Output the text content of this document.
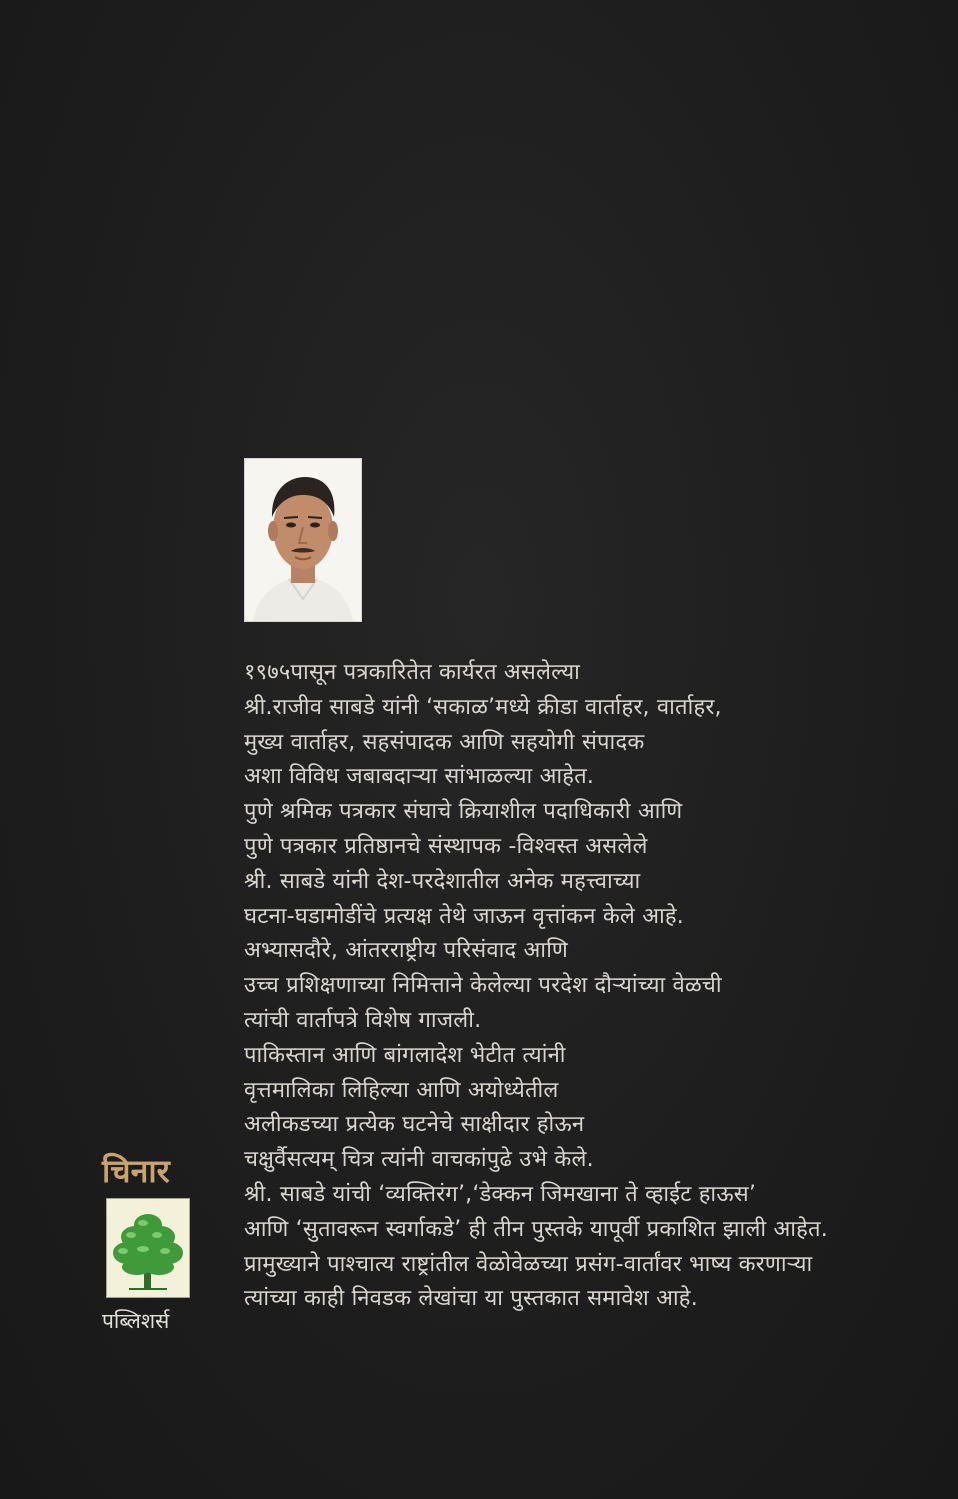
१९७५पासून पत्रकारितेत कार्यरत असलेल्या
श्री.राजीव साबडे यांनी ‘सकाळ’मध्ये क्रीडा वार्ताहर, वार्ताहर,
मुख्य वार्ताहर, सहसंपादक आणि सहयोगी संपादक
अशा विविध जबाबदाऱ्या सांभाळल्या आहेत.
पुणे श्रमिक पत्रकार संघाचे क्रियाशील पदाधिकारी आणि
पुणे पत्रकार प्रतिष्ठानचे संस्थापक -विश्वस्त असलेले
श्री. साबडे यांनी देश-परदेशातील अनेक महत्त्वाच्या
घटना-घडामोडींचे प्रत्यक्ष तेथे जाऊन वृत्तांकन केले आहे.
अभ्यासदौरे, आंतरराष्ट्रीय परिसंवाद आणि
उच्च प्रशिक्षणाच्या निमित्ताने केलेल्या परदेश दौऱ्यांच्या वेळची
त्यांची वार्तापत्रे विशेष गाजली.
पाकिस्तान आणि बांगलादेश भेटीत त्यांनी
वृत्तमालिका लिहिल्या आणि अयोध्येतील
अलीकडच्या प्रत्येक घटनेचे साक्षीदार होऊन
चक्षुर्वैसत्यम् चित्र त्यांनी वाचकांपुढे उभे केले.
श्री. साबडे यांची ‘व्यक्तिरंग’,‘डेक्कन जिमखाना ते व्हाईट हाऊस’
आणि ‘सुतावरून स्वर्गाकडे’ ही तीन पुस्तके यापूर्वी प्रकाशित झाली आहेत.
प्रामुख्याने पाश्चात्य राष्ट्रांतील वेळोवेळच्या प्रसंग-वार्तांवर भाष्य करणाऱ्या
त्यांच्या काही निवडक लेखांचा या पुस्तकात समावेश आहे.
चिनार
पब्लिशर्स
